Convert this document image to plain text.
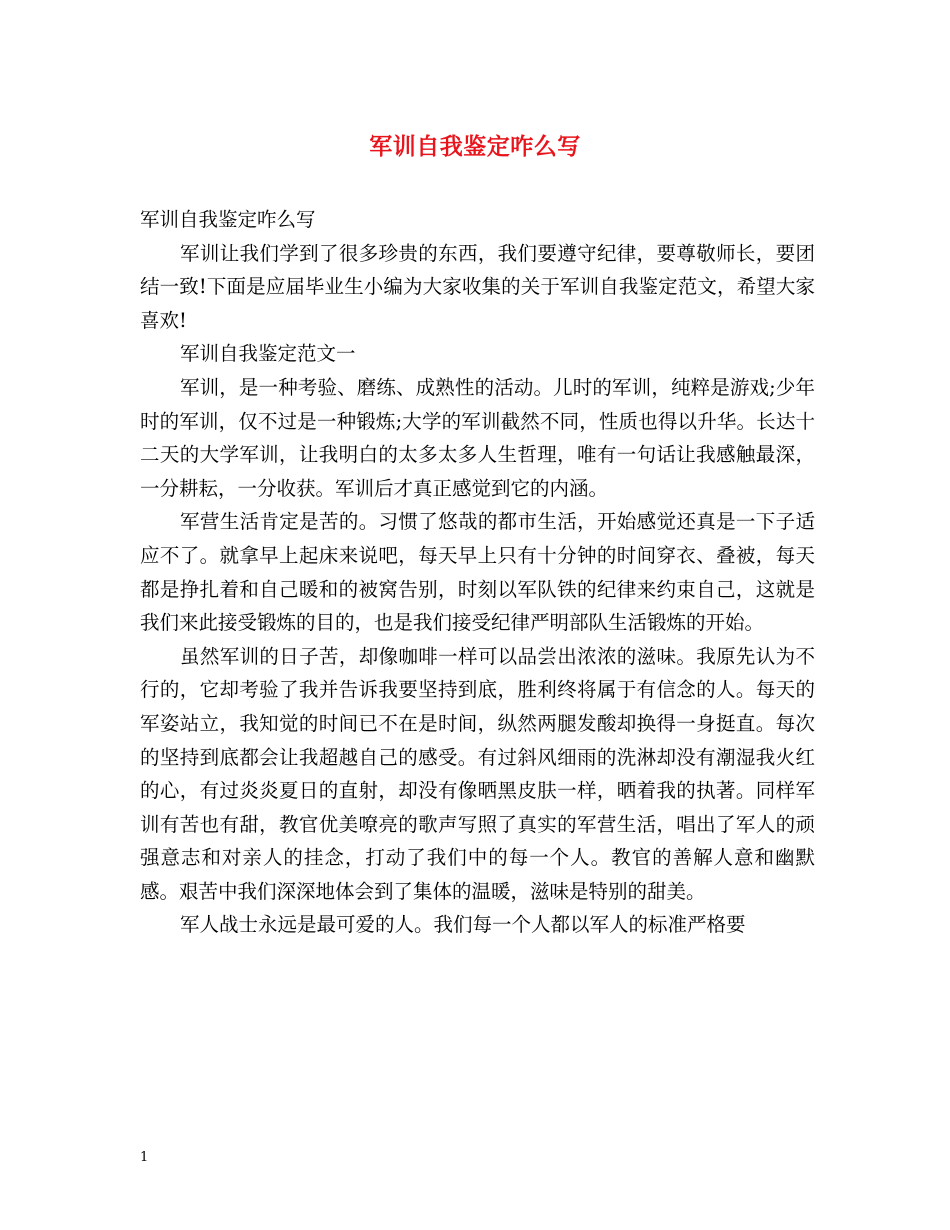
军训自我鉴定咋么写

军训自我鉴定咋么写

军训让我们学到了很多珍贵的东西，我们要遵守纪律，要尊敬师长，要团结一致!下面是应届毕业生小编为大家收集的关于军训自我鉴定范文，希望大家喜欢!

军训自我鉴定范文一

军训，是一种考验、磨练、成熟性的活动。儿时的军训，纯粹是游戏;少年时的军训，仅不过是一种锻炼;大学的军训截然不同，性质也得以升华。长达十二天的大学军训，让我明白的太多太多人生哲理，唯有一句话让我感触最深，一分耕耘，一分收获。军训后才真正感觉到它的内涵。

军营生活肯定是苦的。习惯了悠哉的都市生活，开始感觉还真是一下子适应不了。就拿早上起床来说吧，每天早上只有十分钟的时间穿衣、叠被，每天都是挣扎着和自己暖和的被窝告别，时刻以军队铁的纪律来约束自己，这就是我们来此接受锻炼的目的，也是我们接受纪律严明部队生活锻炼的开始。

虽然军训的日子苦，却像咖啡一样可以品尝出浓浓的滋味。我原先认为不行的，它却考验了我并告诉我要坚持到底，胜利终将属于有信念的人。每天的军姿站立，我知觉的时间已不在是时间，纵然两腿发酸却换得一身挺直。每次的坚持到底都会让我超越自己的感受。有过斜风细雨的洗淋却没有潮湿我火红的心，有过炎炎夏日的直射，却没有像晒黑皮肤一样，晒着我的执著。同样军训有苦也有甜，教官优美嘹亮的歌声写照了真实的军营生活，唱出了军人的顽强意志和对亲人的挂念，打动了我们中的每一个人。教官的善解人意和幽默感。艰苦中我们深深地体会到了集体的温暖，滋味是特别的甜美。

军人战士永远是最可爱的人。我们每一个人都以军人的标准严格要

1
